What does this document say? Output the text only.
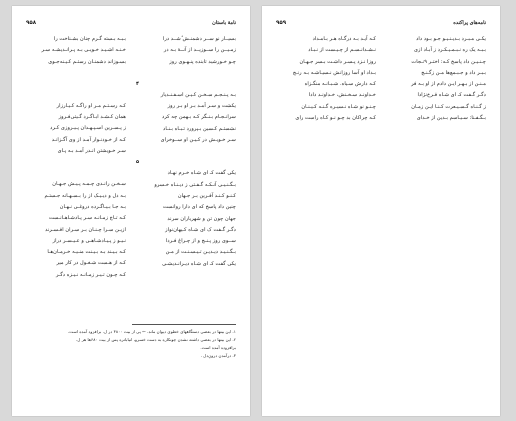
نامهٔ باستان
۹۵۸
بسیــار نو ســر دشمنـش ُشــد درا
زمـیــن را ســوزیــد از آنــهٔ بـه در
چـو خـورشید تابنده پنـهـوی روز
۴
بـه پـنـجـم سـخـن کـیـن اسـفـنـدیار
یکشت و سـر آمـد بـر او بـر روز
سرانـجـام بـنـگر کـه بـهمن چه کرد
نشستـم کـسین بـپرورد تـبـاه بـنـاد
سـر خـویـش در کـیـن او ســوخرای
۵
یکی گفت کـ ای شـاه خـرم نهـاد
بـگـنـیـی آنـکـه گـفـتی ز دیـنـاه خـسرو
کـنـو کـنـد آفـرین بـر جـهان
چنین داد پاسخ که ای دارا روانست
جهان چون تن و شهریاران سرند
دگـر گـفت ک ای شـاه کـیهان‌نواز
ســوی روز پـنـج و از چـراغ فـردا
بـگـنـیـد دیـدیـن تـیـسـنـت از مـن
یکی گفت کـ ای شـاه دیـرانـدیشـی
بـبـه بـسته گـرم چنان بشـناخت را
خـنـه اشـیـد خـویـی بـه پـرانـدیشـه سـر
بسـوزاند دشمنـان رستـم کـیـنه‌جـوی
کـه رسـتـم مـر او راگـه کـیـارزار
همان کـشـد ابـاگـرد گـیتی‌فـروز
ز پـسـرین اسـپـهـدان پـیـروزی کـرد
کـه از خـودنـوار آمـد از وی آگـزانـد
سـر خـویشتن انـدر آمـد بـه پـای
سـخـن رانـدی چـمـه پـیـش جـهـان
بـه دل و دیـیـک از را بـسـهـانه جـستـم
بـه جـا بـیـاگـرده دروغـی نـهـان
کـه تـاج زمـانـه سـر پـادشـاهـانـست
ازیـن سـرا چـنـان بـر سـران افـسـرند
نـیـو ز پـیـادشـاهـی و عـیـسـر دراز
کـه بـیـند بـه بـیـنت منـیـه خـرمـان‌هـا
کـه از هـست شـغـول در کار میر
کـه چـون تـیـر زمـانـه نـیـزه دگـر
۱. این بیتها در بعضی دستگاههای خطوی دیوان ماند. ← پی از بیت ۳۸۰۰ در ل. برافزود آمده است.
۲. این بیتها در بعضی داشته نشدن چونکاره به دست خسرو، انیاباتره پس از بیت ۶۸۰ها هر ل.
برافزوده آمده است.
۳. درآمدن درونِ‌دل .
نامه‌های پراکنده
۹۵۹
یکـی مـبـرد بـدیـنـیـو جـو بـود داد
بـبـه یک ره نـبـمـیـکـرد ز آبـاد ازی
چـنـیـن داد پاسخ کـه: اختـر ۹نـجات
بـبـر داد و جـبـمع‌ها مـن زگـنـج
مـنـن از بـهـر ایـن دادم از او بـه فر
دگـر گـفت کـ ای شـاه فـرخ‌نژادا
ز گـنـاه گـسـیـعرت کـنـا ایـن زمـان
بـگـفـنا: سـیـاسم بـدین از خـدای
کـه آیـد بـه درگـاه هـر بـامـداد
نـشـدانـسـم از چـیـست از نـبـاد
روزا نـزد پـسـر داشـت بـسر جـهـان
بـداد او آسا روزانش نـسیـاشـه بـه رنـج
کـه دارش سـیاه. شـبـانـه منگـزاه
خـداونـد سـخـنش، خـداونـد دادا
چـنـو نو شـاه نـسیـره گـنـه کـیـنـان
کـه چراکان بد چـو نـو کـاه راست رای
